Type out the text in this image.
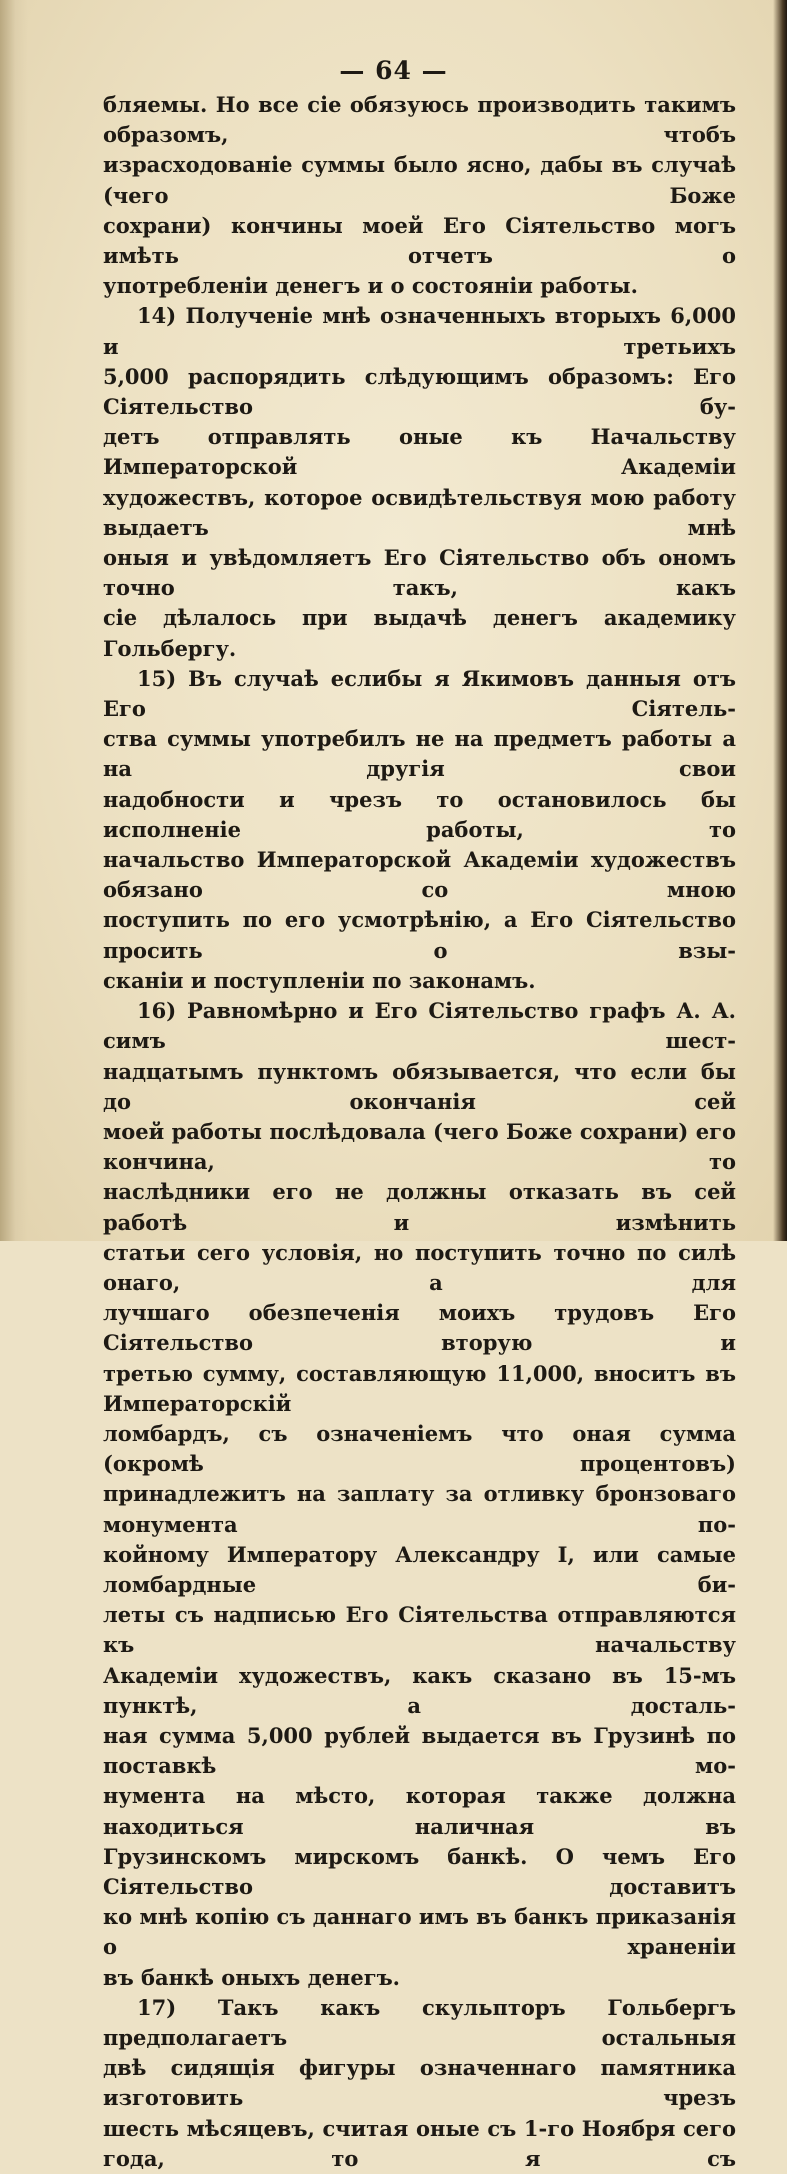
— 64 —

бляемы. Но все сіе обязуюсь производить такимъ образомъ, чтобъ

израсходованіе суммы было ясно, дабы въ случаѣ (чего Боже

сохрани) кончины моей Его Сіятельство могъ имѣть отчетъ о

употребленіи денегъ и о состояніи работы.

14) Полученіе мнѣ означенныхъ вторыхъ 6,000 и третьихъ

5,000 распорядить слѣдующимъ образомъ: Его Сіятельство бу-

детъ отправлять оные къ Начальству Императорской Академіи

художествъ, которое освидѣтельствуя мою работу выдаетъ мнѣ

оныя и увѣдомляетъ Его Сіятельство объ ономъ точно такъ, какъ

сіе дѣлалось при выдачѣ денегъ академику Гольбергу.

15) Въ случаѣ еслибы я Якимовъ данныя отъ Его Сіятель-

ства суммы употребилъ не на предметъ работы а на другія свои

надобности и чрезъ то остановилось бы исполненіе работы, то

начальство Императорской Академіи художествъ обязано со мною

поступить по его усмотрѣнію, а Его Сіятельство просить о взы-

сканіи и поступленіи по законамъ.

16) Равномѣрно и Его Сіятельство графъ А. А. симъ шест-

надцатымъ пунктомъ обязывается, что если бы до окончанія сей

моей работы послѣдовала (чего Боже сохрани) его кончина, то

наслѣдники его не должны отказать въ сей работѣ и измѣнить

статьи сего условія, но поступить точно по силѣ онаго, а для

лучшаго обезпеченія моихъ трудовъ Его Сіятельство вторую и

третью сумму, составляющую 11,000, вноситъ въ Императорскій

ломбардъ, съ означеніемъ что оная сумма (окромѣ процентовъ)

принадлежитъ на заплату за отливку бронзоваго монумента по-

койному Императору Александру I, или самые ломбардные би-

леты съ надписью Его Сіятельства отправляются къ начальству

Академіи художествъ, какъ сказано въ 15-мъ пунктѣ, а досталь-

ная сумма 5,000 рублей выдается въ Грузинѣ по поставкѣ мо-

нумента на мѣсто, которая также должна находиться наличная въ

Грузинскомъ мирскомъ банкѣ. О чемъ Его Сіятельство доставитъ

ко мнѣ копію съ даннаго имъ въ банкъ приказанія о храненіи

въ банкѣ оныхъ денегъ.

17) Такъ какъ скульпторъ Гольбергъ предполагаетъ остальныя

двѣ сидящія фигуры означеннаго памятника изготовить чрезъ

шесть мѣсяцевъ, считая оные съ 1-го Ноября сего года, то я съ
